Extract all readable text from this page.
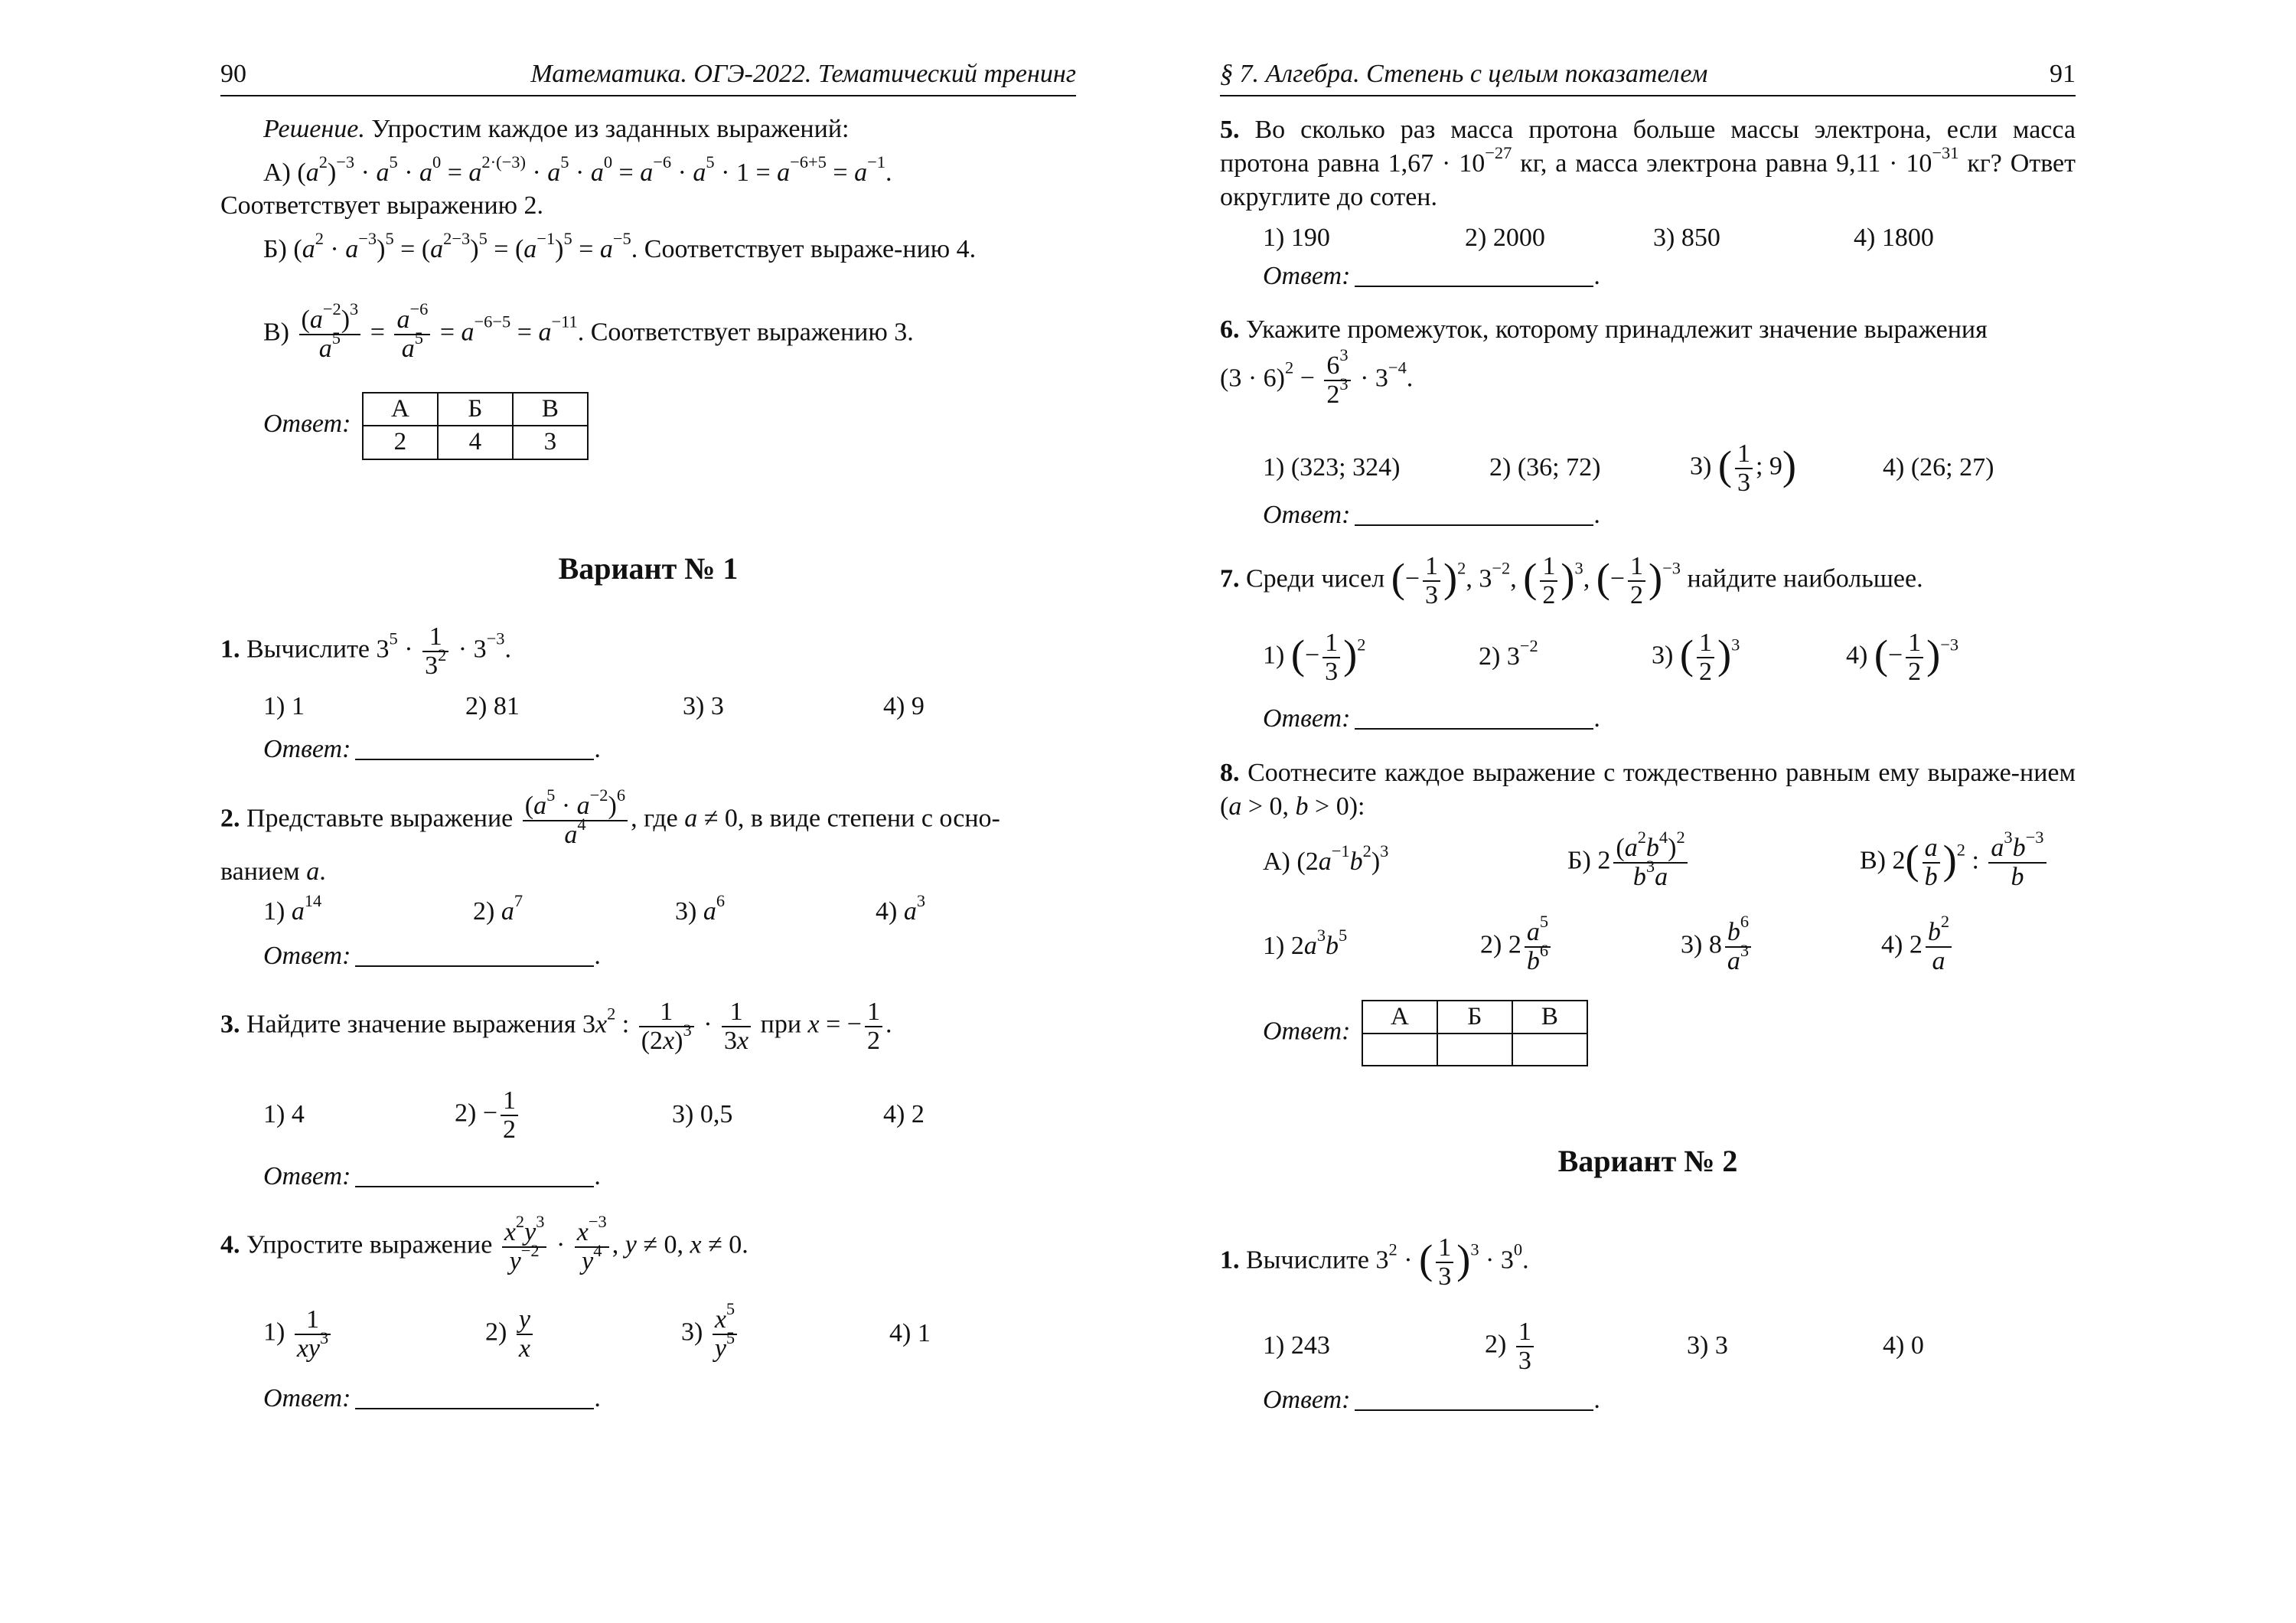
90	Математика. ОГЭ-2022. Тематический тренинг
Решение. Упростим каждое из заданных выражений:
А) $(a^2)^{-3} \cdot a^5 \cdot a^0 = a^{2\cdot(-3)} \cdot a^5 \cdot a^0 = a^{-6} \cdot a^5 \cdot 1 = a^{-6+5} = a^{-1}$.
Соответствует выражению 2.
Б) $(a^2 \cdot a^{-3})^5 = (a^{2-3})^5 = (a^{-1})^5 = a^{-5}$. Соответствует выраже-нию 4.
$В) \frac{(a^{-2})^3}{a^5} = \frac{a^{-6}}{a^5} = a^{-6-5} = a^{-11}$. Соответствует выражению 3.
Ответ: А	Б	В
2	4	3
Вариант № 1
1. Вычислите $3^5 \cdot \frac{1}{3^2} \cdot 3^{-3}$.
1) 1	2) 81	3) 3	4) 9
Ответ:	.
2. Представьте выражение $\frac{(a^5 \cdot a^{-2})^6}{a^4}$ , где a ≠ 0, в виде степени с осно-
ванием a.
1) $a^{14}$	2) $a^7$	3) $a^6$	4) $a^3$
Ответ:	.
3. Найдите значение выражения $3x^2$ : $\frac{1}{(2x)^3} \cdot \frac{1}{3x}$ при x = − $\frac{1}{2}$ .
1) 4	$2) - \frac{1}{2}$	3) 0,5	4) 2
Ответ:	.
4. Упростите выражение $\frac{x^2y^3}{y^{-2}} \cdot \frac{x^{-3}}{y^4}$ , y ≠ 0, x ≠ 0.
$1) \frac{1}{xy^3}$	$2) \frac{y}{x}$	$3) \frac{x^5}{y^5}$	4) 1
Ответ:	.
§ 7. Алгебра. Степень с целым показателем	91
5. Во сколько раз масса протона больше массы электрона, если масса протона равна $1,67 \cdot 10^{-27}$ кг, а масса электрона равна $9,11 \cdot 10^{-31}$ кг? Ответ округлите до сотен.
1) 190	2) 2000	3) 850	4) 1800
Ответ:	.
6. Укажите промежуток, которому принадлежит значение выражения
$(3 \cdot 6)^2 - \frac{6^3}{2^3} \cdot 3^{-4}$.
1) (323; 324)	2) (36; 72)	3) ( $\frac{1}{3}$ ; 9)	4) (26; 27)
Ответ:	.
7. Среди чисел (− $\frac{1}{3} )^2$, $3^{-2}$, ( $\frac{1}{2} )^3$, (− $\frac{1}{2} )^{-3}$ найдите наибольшее.
1) (− $\frac{1}{3} )^2$	2) $3^{-2}$	3) ( $\frac{1}{2} )^3$	4) (− $\frac{1}{2} )^{-3}$
Ответ:	.
8. Соотнесите каждое выражение с тождественно равным ему выраже-нием (a > 0, b > 0):
А) $(2a^{-1}b^2)^3$	Б) $2 \frac{(a^2b^4)^2}{b^3a}$	В) $2( \frac{a}{b} )^2$ : $\frac{a^3b^{-3}}{b}$
1) $2a^3b^5$	2) $2 \frac{a^5}{b^6}$	3) $8 \frac{b^6}{a^3}$	4) $2 \frac{b^2}{a}$
Ответ: А	Б	В

Вариант № 2
1. Вычислите $3^2$ · ( $\frac{1}{3} )^3 \cdot 3^0$.
1) 243	$2) \frac{1}{3}$	3) 3	4) 0
Ответ:	.
